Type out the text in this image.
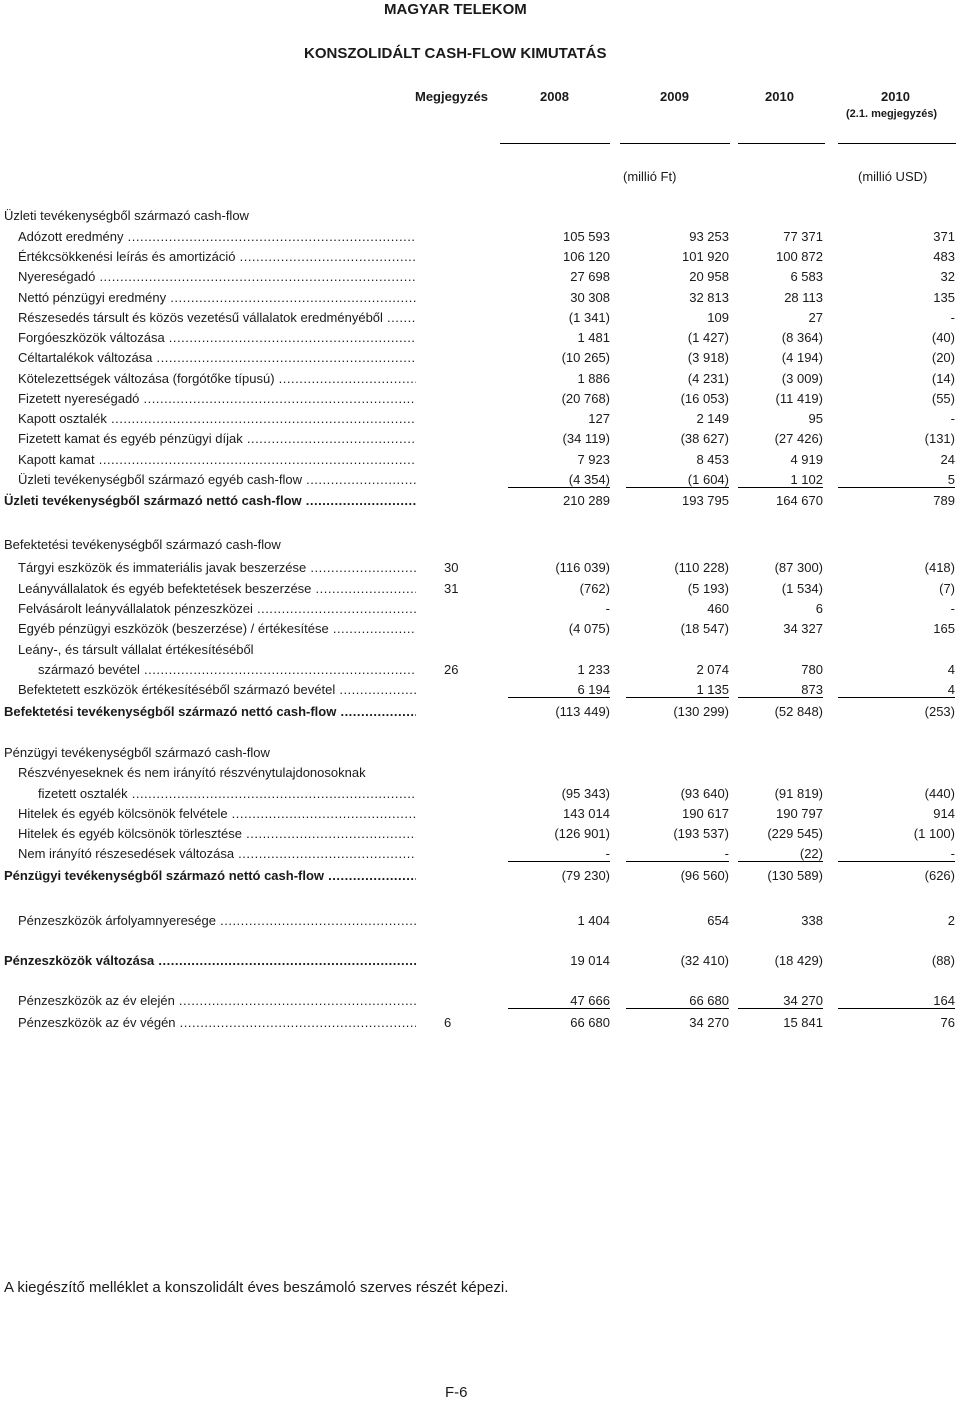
MAGYAR TELEKOM
KONSZOLIDÁLT CASH-FLOW KIMUTATÁS
Megjegyzés	2008	2009	2010	2010
(2.1. megjegyzés)
(millió Ft)	(millió USD)
Üzleti tevékenységből származó cash-flow
Adózott eredmény .....	105 593	93 253	77 371	371
Értékcsökkenési leírás és amortizáció .....	106 120	101 920	100 872	483
Nyereségadó .....	27 698	20 958	6 583	32
Nettó pénzügyi eredmény .....	30 308	32 813	28 113	135
Részesedés társult és közös vezetésű vállalatok eredményéből .....	(1 341)	109	27	-
Forgóeszközök változása .....	1 481	(1 427)	(8 364)	(40)
Céltartalékok változása .....	(10 265)	(3 918)	(4 194)	(20)
Kötelezettségek változása (forgótőke típusú) .....	1 886	(4 231)	(3 009)	(14)
Fizetett nyereségadó .....	(20 768)	(16 053)	(11 419)	(55)
Kapott osztalék .....	127	2 149	95	-
Fizetett kamat és egyéb pénzügyi díjak .....	(34 119)	(38 627)	(27 426)	(131)
Kapott kamat .....	7 923	8 453	4 919	24
Üzleti tevékenységből származó egyéb cash-flow .....	(4 354)	(1 604)	1 102	5
Üzleti tevékenységből származó nettó cash-flow .....	210 289	193 795	164 670	789
Befektetési tevékenységből származó cash-flow
Tárgyi eszközök és immateriális javak beszerzése .....	30	(116 039)	(110 228)	(87 300)	(418)
Leányvállalatok és egyéb befektetések beszerzése .....	31	(762)	(5 193)	(1 534)	(7)
Felvásárolt leányvállalatok pénzeszközei .....	-	460	6	-
Egyéb pénzügyi eszközök (beszerzése) / értékesítése .....	(4 075)	(18 547)	34 327	165
Leány-, és társult vállalat értékesítéséből
származó bevétel .....	26	1 233	2 074	780	4
Befektetett eszközök értékesítéséből származó bevétel .....	6 194	1 135	873	4
Befektetési tevékenységből származó nettó cash-flow .....	(113 449)	(130 299)	(52 848)	(253)
Pénzügyi tevékenységből származó cash-flow
Részvényeseknek és nem irányító részvénytulajdonosoknak
fizetett osztalék .....	(95 343)	(93 640)	(91 819)	(440)
Hitelek és egyéb kölcsönök felvétele .....	143 014	190 617	190 797	914
Hitelek és egyéb kölcsönök törlesztése .....	(126 901)	(193 537)	(229 545)	(1 100)
Nem irányító részesedések változása .....	-	-	(22)	-
Pénzügyi tevékenységből származó nettó cash-flow .....	(79 230)	(96 560)	(130 589)	(626)
Pénzeszközök árfolyamnyeresége .....	1 404	654	338	2
Pénzeszközök változása .....	19 014	(32 410)	(18 429)	(88)
Pénzeszközök az év elején .....	47 666	66 680	34 270	164
Pénzeszközök az év végén .....	6	66 680	34 270	15 841	76
A kiegészítő melléklet a konszolidált éves beszámoló szerves részét képezi.
F-6
